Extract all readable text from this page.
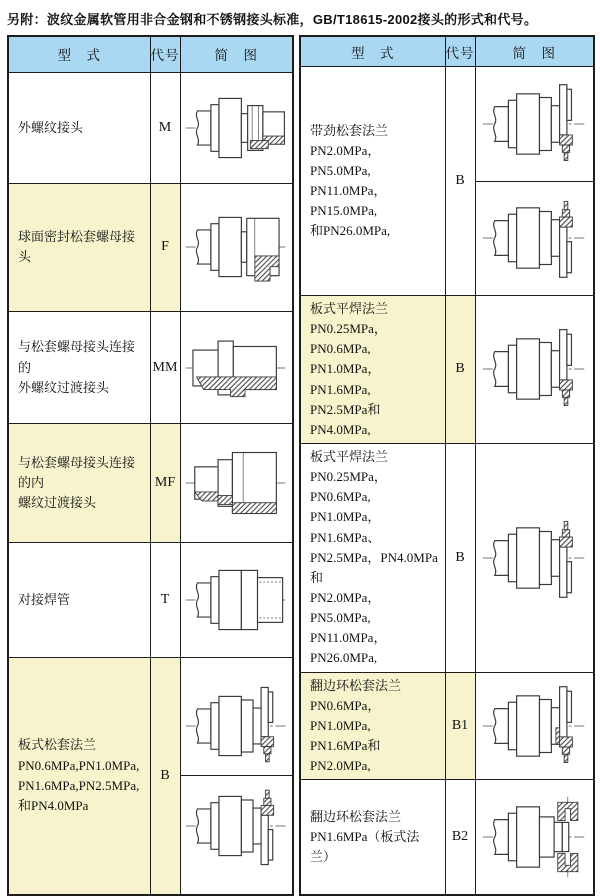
另附：波纹金属软管用非合金钢和不锈钢接头标准，GB/T18615-2002接头的形式和代号。

型　式	代号	简　图
外螺纹接头	M	

球面密封松套螺母接头	F	

与松套螺母接头连接的
外螺纹过渡接头	MM	

与松套螺母接头连接的内
螺纹过渡接头	MF	

对接焊管	T	

板式松套法兰
PN0.6MPa,PN1.0MPa,
PN1.6MPa,PN2.5MPa,
和PN4.0MPa	B	
型　式	代号	简　图
带劲松套法兰
PN2.0MPa，PN5.0MPa,
PN11.0MPa，PN15.0MPa,
和PN26.0MPa,	B	

板式平焊法兰
PN0.25MPa，PN0.6MPa,
PN1.0MPa，PN1.6MPa,
PN2.5MPa和PN4.0MPa,	B	

板式平焊法兰
PN0.25MPa，PN0.6MPa,
PN1.0MPa，PN1.6MPa、
PN2.5MPa，PN4.0MPa和
PN2.0MPa，PN5.0MPa,
PN11.0MPa，PN26.0MPa,	B	

翻边环松套法兰
PN0.6MPa，PN1.0MPa,
PN1.6MPa和PN2.0MPa,	B1	

翻边环松套法兰
PN1.6MPa（板式法兰）	B2	
